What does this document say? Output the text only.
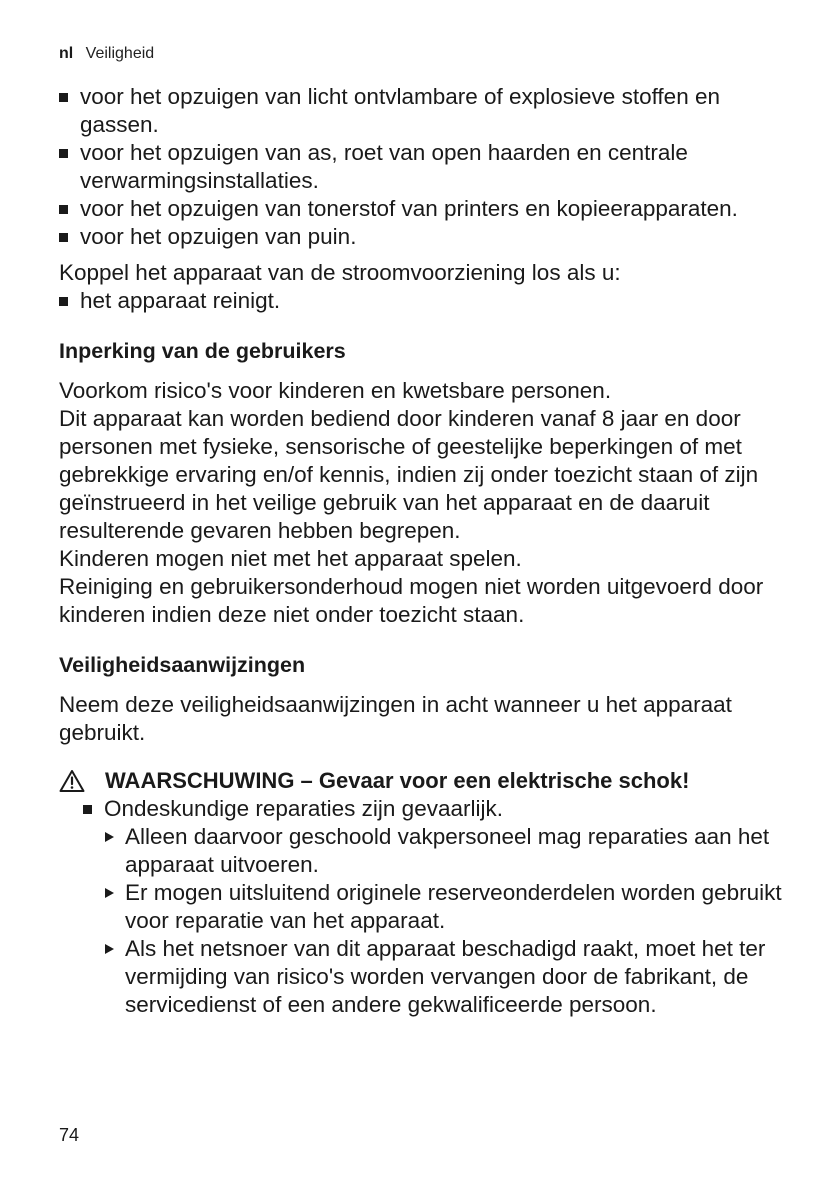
nl Veiligheid
voor het opzuigen van licht ontvlambare of explosieve stoffen en gassen.
voor het opzuigen van as, roet van open haarden en centrale verwarmingsinstallaties.
voor het opzuigen van tonerstof van printers en kopieerapparaten.
voor het opzuigen van puin.

Koppel het apparaat van de stroomvoorziening los als u:

het apparaat reinigt.
Inperking van de gebruikers

Voorkom risico's voor kinderen en kwetsbare personen.

Dit apparaat kan worden bediend door kinderen vanaf 8 jaar en door personen met fysieke, sensorische of geestelijke beperkingen of met gebrekkige ervaring en/of kennis, indien zij onder toezicht staan of zijn geïnstrueerd in het veilige gebruik van het apparaat en de daaruit resulterende gevaren hebben begrepen.

Kinderen mogen niet met het apparaat spelen.

Reiniging en gebruikersonderhoud mogen niet worden uitgevoerd door kinderen indien deze niet onder toezicht staan.

Veiligheidsaanwijzingen

Neem deze veiligheidsaanwijzingen in acht wanneer u het apparaat gebruikt.

WAARSCHUWING – Gevaar voor een elektrische schok!
Ondeskundige reparaties zijn gevaarlijk.
Alleen daarvoor geschoold vakpersoneel mag reparaties aan het apparaat uitvoeren.
Er mogen uitsluitend originele reserveonderdelen worden gebruikt voor reparatie van het apparaat.
Als het netsnoer van dit apparaat beschadigd raakt, moet het ter vermijding van risico's worden vervangen door de fabrikant, de servicedienst of een andere gekwalificeerde persoon.
74
